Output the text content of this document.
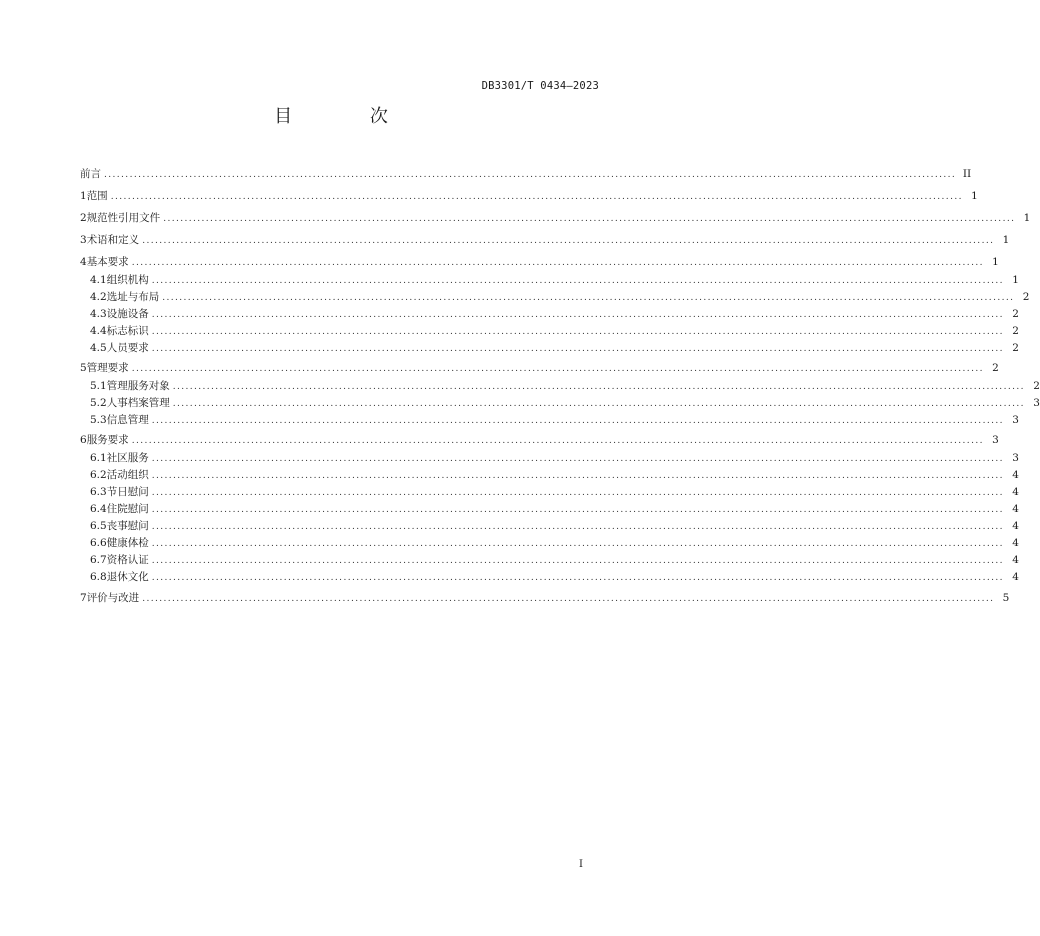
DB3301/T 0434—2023
目 次
前言 ........................................................................................................................................................................................................ II
1 范围 ........................................................................................................................................................................................................ 1
2 规范性引用文件 ........................................................................................................................................................................................................ 1
3 术语和定义 ........................................................................................................................................................................................................ 1
4 基本要求 ........................................................................................................................................................................................................ 1
4.1 组织机构 ........................................................................................................................................................................................................ 1
4.2 选址与布局 ........................................................................................................................................................................................................ 2
4.3 设施设备 ........................................................................................................................................................................................................ 2
4.4 标志标识 ........................................................................................................................................................................................................ 2
4.5 人员要求 ........................................................................................................................................................................................................ 2
5 管理要求 ........................................................................................................................................................................................................ 2
5.1 管理服务对象 ........................................................................................................................................................................................................ 2
5.2 人事档案管理 ........................................................................................................................................................................................................ 3
5.3 信息管理 ........................................................................................................................................................................................................ 3
6 服务要求 ........................................................................................................................................................................................................ 3
6.1 社区服务 ........................................................................................................................................................................................................ 3
6.2 活动组织 ........................................................................................................................................................................................................ 4
6.3 节日慰问 ........................................................................................................................................................................................................ 4
6.4 住院慰问 ........................................................................................................................................................................................................ 4
6.5 丧事慰问 ........................................................................................................................................................................................................ 4
6.6 健康体检 ........................................................................................................................................................................................................ 4
6.7 资格认证 ........................................................................................................................................................................................................ 4
6.8 退休文化 ........................................................................................................................................................................................................ 4
7 评价与改进 ........................................................................................................................................................................................................ 5
I
